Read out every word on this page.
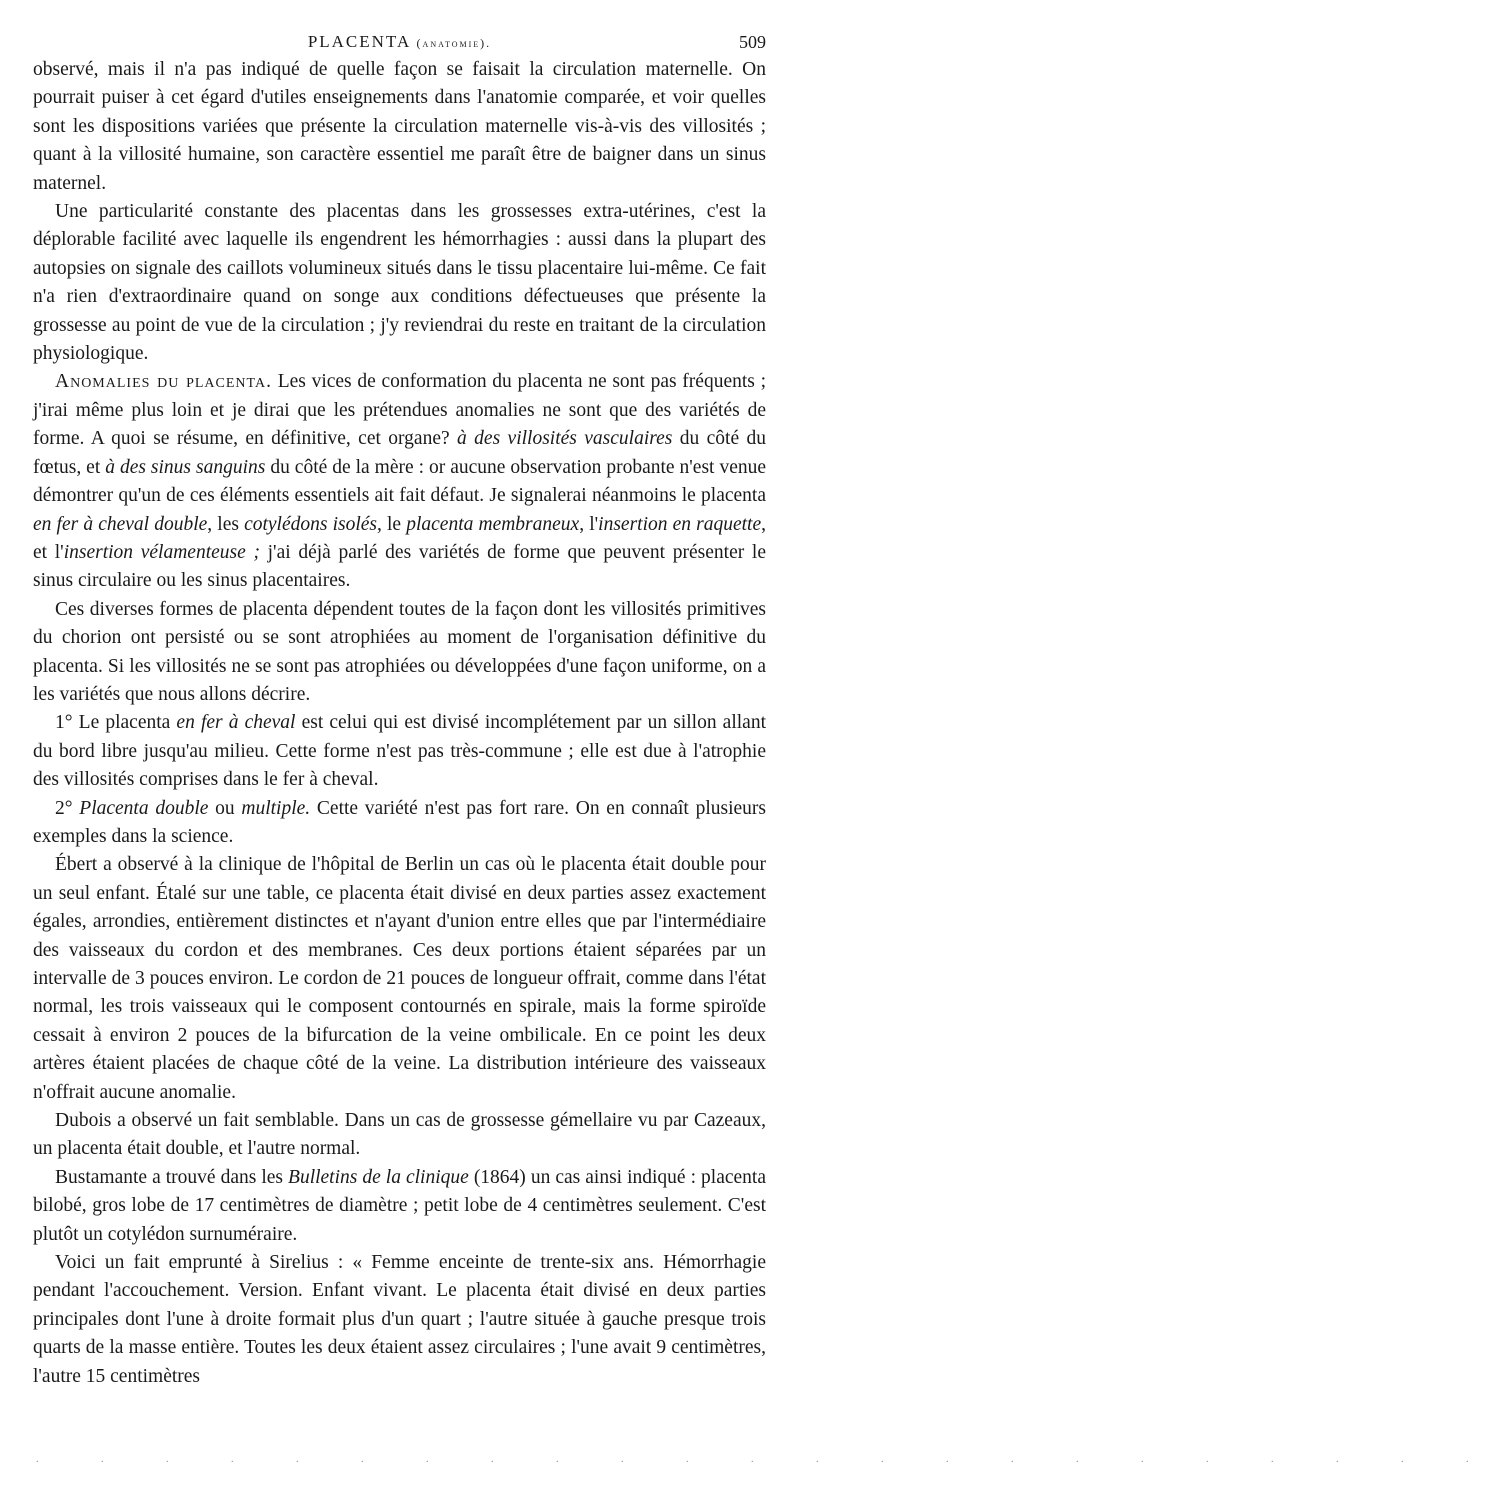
PLACENTA (anatomie).	509

observé, mais il n'a pas indiqué de quelle façon se faisait la circulation maternelle. On pourrait puiser à cet égard d'utiles enseignements dans l'anatomie comparée, et voir quelles sont les dispositions variées que présente la circulation maternelle vis-à-vis des villosités ; quant à la villosité humaine, son caractère essentiel me paraît être de baigner dans un sinus maternel.

Une particularité constante des placentas dans les grossesses extra-utérines, c'est la déplorable facilité avec laquelle ils engendrent les hémorrhagies : aussi dans la plupart des autopsies on signale des caillots volumineux situés dans le tissu placentaire lui-même. Ce fait n'a rien d'extraordinaire quand on songe aux conditions défectueuses que présente la grossesse au point de vue de la circulation ; j'y reviendrai du reste en traitant de la circulation physiologique.

Anomalies du placenta. Les vices de conformation du placenta ne sont pas fréquents ; j'irai même plus loin et je dirai que les prétendues anomalies ne sont que des variétés de forme. A quoi se résume, en définitive, cet organe? à des villosités vasculaires du côté du fœtus, et à des sinus sanguins du côté de la mère : or aucune observation probante n'est venue démontrer qu'un de ces éléments essentiels ait fait défaut. Je signalerai néanmoins le placenta en fer à cheval double, les cotylédons isolés, le placenta membraneux, l'insertion en raquette, et l'insertion vélamenteuse ; j'ai déjà parlé des variétés de forme que peuvent présenter le sinus circulaire ou les sinus placentaires.

Ces diverses formes de placenta dépendent toutes de la façon dont les villosités primitives du chorion ont persisté ou se sont atrophiées au moment de l'organisation définitive du placenta. Si les villosités ne se sont pas atrophiées ou développées d'une façon uniforme, on a les variétés que nous allons décrire.

1° Le placenta en fer à cheval est celui qui est divisé incomplétement par un sillon allant du bord libre jusqu'au milieu. Cette forme n'est pas très-commune ; elle est due à l'atrophie des villosités comprises dans le fer à cheval.

2° Placenta double ou multiple. Cette variété n'est pas fort rare. On en connaît plusieurs exemples dans la science.

Ébert a observé à la clinique de l'hôpital de Berlin un cas où le placenta était double pour un seul enfant. Étalé sur une table, ce placenta était divisé en deux parties assez exactement égales, arrondies, entièrement distinctes et n'ayant d'union entre elles que par l'intermédiaire des vaisseaux du cordon et des membranes. Ces deux portions étaient séparées par un intervalle de 3 pouces environ. Le cordon de 21 pouces de longueur offrait, comme dans l'état normal, les trois vaisseaux qui le composent contournés en spirale, mais la forme spiroïde cessait à environ 2 pouces de la bifurcation de la veine ombilicale. En ce point les deux artères étaient placées de chaque côté de la veine. La distribution intérieure des vaisseaux n'offrait aucune anomalie.

Dubois a observé un fait semblable. Dans un cas de grossesse gémellaire vu par Cazeaux, un placenta était double, et l'autre normal.

Bustamante a trouvé dans les Bulletins de la clinique (1864) un cas ainsi indiqué : placenta bilobé, gros lobe de 17 centimètres de diamètre ; petit lobe de 4 centimètres seulement. C'est plutôt un cotylédon surnuméraire.

Voici un fait emprunté à Sirelius : « Femme enceinte de trente-six ans. Hémorrhagie pendant l'accouchement. Version. Enfant vivant. Le placenta était divisé en deux parties principales dont l'une à droite formait plus d'un quart ; l'autre située à gauche presque trois quarts de la masse entière. Toutes les deux étaient assez circulaires ; l'une avait 9 centimètres, l'autre 15 centimètres

. . . . . . . . . . . . . . . . . . . . . . .
